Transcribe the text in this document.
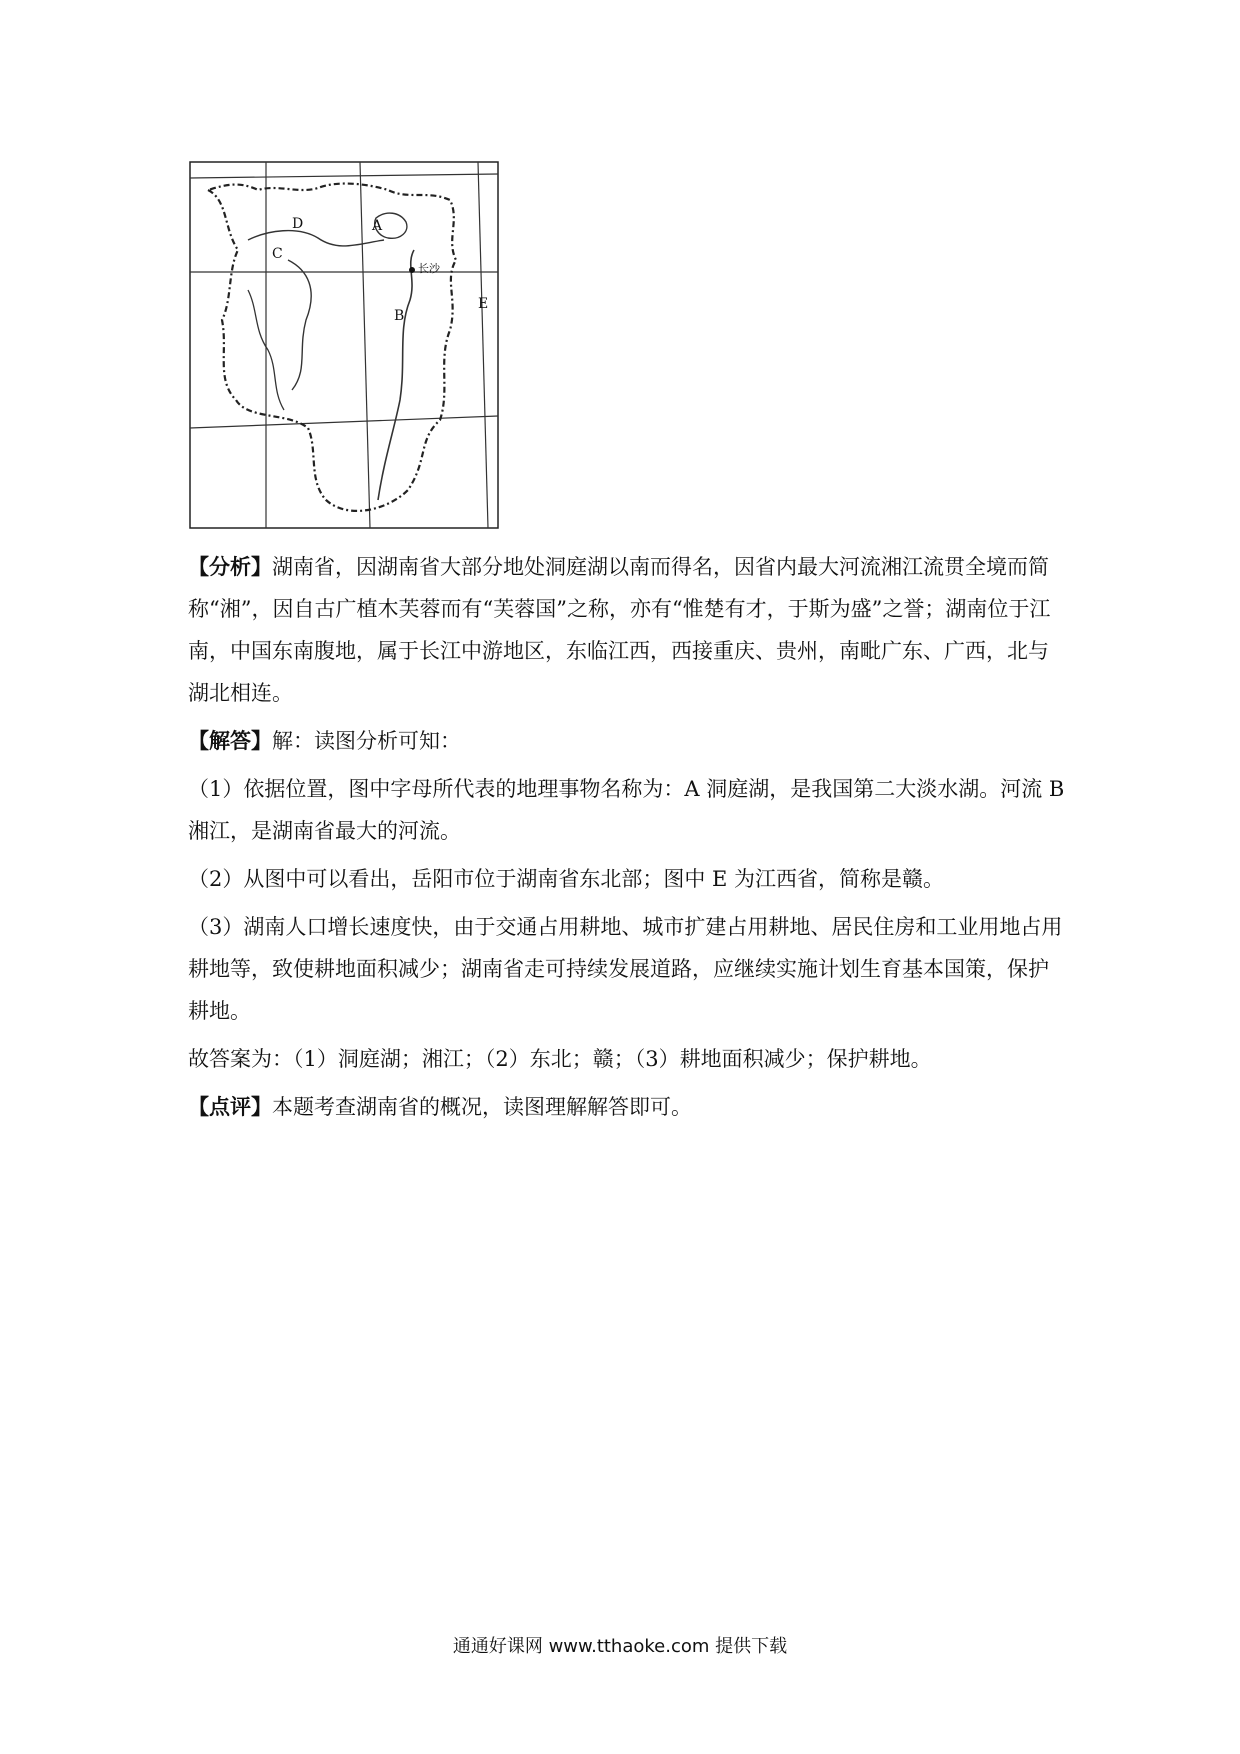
A
B
C
D
E
长沙

【分析】湖南省，因湖南省大部分地处洞庭湖以南而得名，因省内最大河流湘江流贯全境而简称“湘”，因自古广植木芙蓉而有“芙蓉国”之称，亦有“惟楚有才，于斯为盛”之誉；湖南位于江南，中国东南腹地，属于长江中游地区，东临江西，西接重庆、贵州，南毗广东、广西，北与湖北相连。

【解答】解：读图分析可知：

（1）依据位置，图中字母所代表的地理事物名称为：A 洞庭湖，是我国第二大淡水湖。河流 B 湘江，是湖南省最大的河流。

（2）从图中可以看出，岳阳市位于湖南省东北部；图中 E 为江西省，简称是赣。

（3）湖南人口增长速度快，由于交通占用耕地、城市扩建占用耕地、居民住房和工业用地占用耕地等，致使耕地面积减少；湖南省走可持续发展道路，应继续实施计划生育基本国策，保护耕地。

故答案为：（1）洞庭湖；湘江；（2）东北；赣；（3）耕地面积减少；保护耕地。

【点评】本题考查湖南省的概况，读图理解解答即可。

通通好课网 www.tthaoke.com 提供下载
